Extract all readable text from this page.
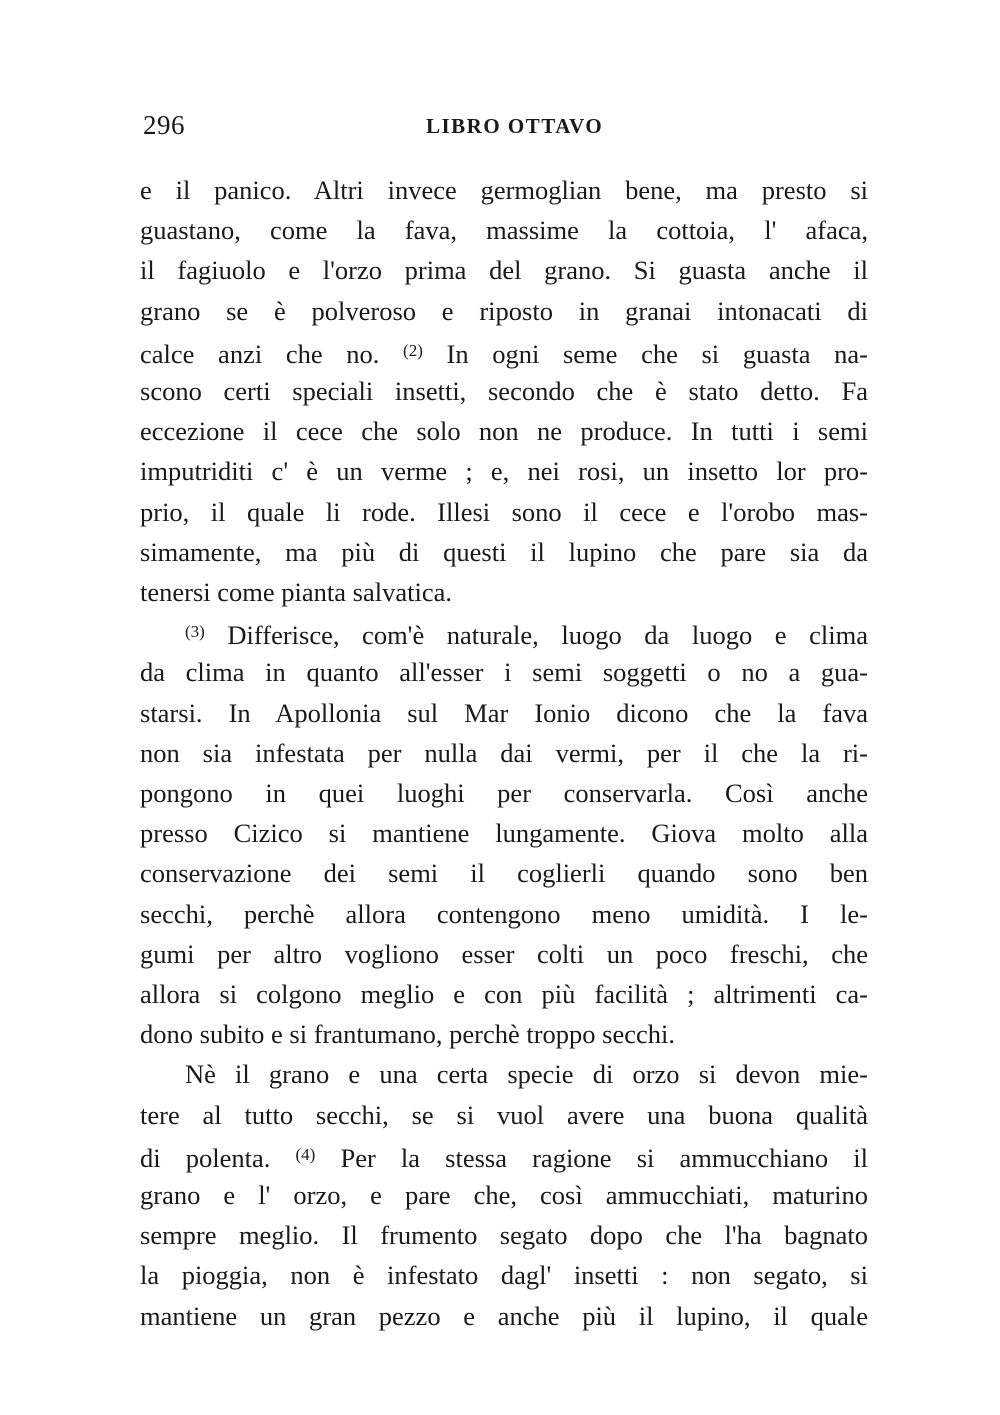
296	LIBRO OTTAVO
e il panico. Altri invece germoglian bene, ma presto si
guastano, come la fava, massime la cottoia, l' afaca,
il fagiuolo e l'orzo prima del grano. Si guasta anche il
grano se è polveroso e riposto in granai intonacati di
calce anzi che no. $^{(2)}$ In ogni seme che si guasta na-
scono certi speciali insetti, secondo che è stato detto. Fa
eccezione il cece che solo non ne produce. In tutti i semi
imputriditi c' è un verme ; e, nei rosi, un insetto lor pro-
prio, il quale li rode. Illesi sono il cece e l'orobo mas-
simamente, ma più di questi il lupino che pare sia da
tenersi come pianta salvatica.
$^{(3)}$ Differisce, com'è naturale, luogo da luogo e clima
da clima in quanto all'esser i semi soggetti o no a gua-
starsi. In Apollonia sul Mar Ionio dicono che la fava
non sia infestata per nulla dai vermi, per il che la ri-
pongono in quei luoghi per conservarla. Così anche
presso Cizico si mantiene lungamente. Giova molto alla
conservazione dei semi il coglierli quando sono ben
secchi, perchè allora contengono meno umidità. I le-
gumi per altro vogliono esser colti un poco freschi, che
allora si colgono meglio e con più facilità ; altrimenti ca-
dono subito e si frantumano, perchè troppo secchi.
Nè il grano e una certa specie di orzo si devon mie-
tere al tutto secchi, se si vuol avere una buona qualità
di polenta. $^{(4)}$ Per la stessa ragione si ammucchiano il
grano e l' orzo, e pare che, così ammucchiati, maturino
sempre meglio. Il frumento segato dopo che l'ha bagnato
la pioggia, non è infestato dagl' insetti : non segato, si
mantiene un gran pezzo e anche più il lupino, il quale
